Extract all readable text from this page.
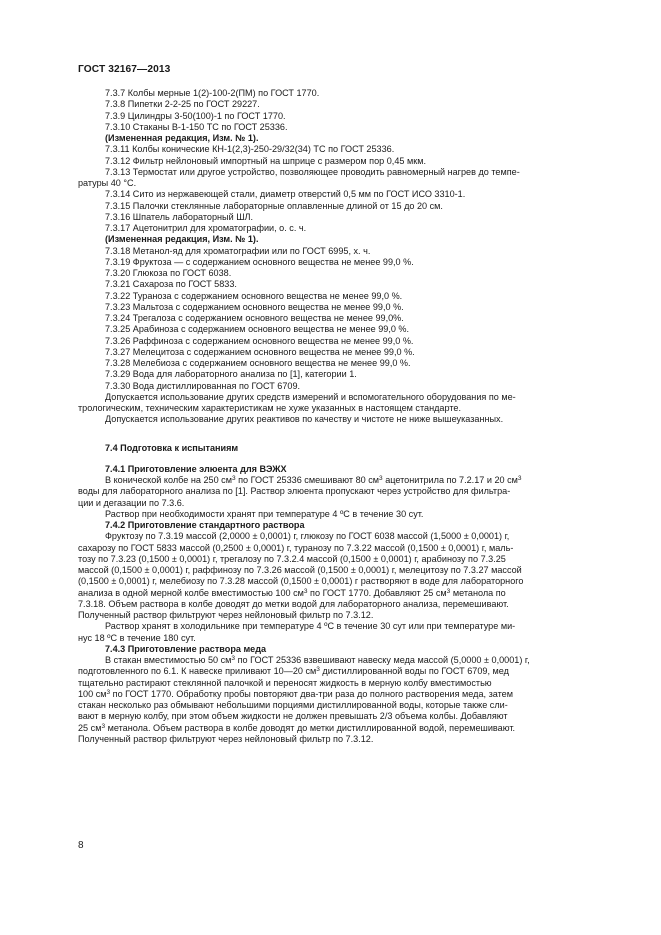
ГОСТ 32167—2013

7.3.7 Колбы мерные 1(2)-100-2(ПМ) по ГОСТ 1770.

7.3.8 Пипетки 2-2-25 по ГОСТ 29227.

7.3.9 Цилиндры 3-50(100)-1 по ГОСТ 1770.

7.3.10 Стаканы В-1-150 ТС по ГОСТ 25336.

(Измененная редакция, Изм. № 1).

7.3.11 Колбы конические КН-1(2,3)-250-29/32(34) ТС по ГОСТ 25336.

7.3.12 Фильтр нейлоновый импортный на шприце с размером пор 0,45 мкм.

7.3.13 Термостат или другое устройство, позволяющее проводить равномерный нагрев до темпе-

ратуры 40 °С.

7.3.14 Сито из нержавеющей стали, диаметр отверстий 0,5 мм по ГОСТ ИСО 3310-1.

7.3.15 Палочки стеклянные лабораторные оплавленные длиной от 15 до 20 см.

7.3.16 Шпатель лабораторный ШЛ.

7.3.17 Ацетонитрил для хроматографии, о. с. ч.

(Измененная редакция, Изм. № 1).

7.3.18 Метанол-яд для хроматографии или по ГОСТ 6995, х. ч.

7.3.19 Фруктоза — с содержанием основного вещества не менее 99,0 %.

7.3.20 Глюкоза по ГОСТ 6038.

7.3.21 Сахароза по ГОСТ 5833.

7.3.22 Тураноза с содержанием основного вещества не менее 99,0 %.

7.3.23 Мальтоза с содержанием основного вещества не менее 99,0 %.

7.3.24 Трегалоза с содержанием основного вещества не менее 99,0%.

7.3.25 Арабиноза с содержанием основного вещества не менее 99,0 %.

7.3.26 Раффиноза с содержанием основного вещества не менее 99,0 %.

7.3.27 Мелецитоза с содержанием основного вещества не менее 99,0 %.

7.3.28 Мелебиоза с содержанием основного вещества не менее 99,0 %.

7.3.29 Вода для лабораторного анализа по [1], категории 1.

7.3.30 Вода дистиллированная по ГОСТ 6709.

Допускается использование других средств измерений и вспомогательного оборудования по ме-

трологическим, техническим характеристикам не хуже указанных в настоящем стандарте.

Допускается использование других реактивов по качеству и чистоте не ниже вышеуказанных.

7.4 Подготовка к испытаниям

7.4.1 Приготовление элюента для ВЭЖХ

В конической колбе на 250 $см^3$ по ГОСТ 25336 смешивают 80 $см^3$ ацетонитрила по 7.2.17 и 20 $см^3$

воды для лабораторного анализа по [1]. Раствор элюента пропускают через устройство для фильтра-

ции и дегазации по 7.3.6.

Раствор при необходимости хранят при температуре 4 ºС в течение 30 сут.

7.4.2 Приготовление стандартного раствора

Фруктозу по 7.3.19 массой (2,0000 ± 0,0001) г, глюкозу по ГОСТ 6038 массой (1,5000 ± 0,0001) г,

сахарозу по ГОСТ 5833 массой (0,2500 ± 0,0001) г, туранозу по 7.3.22 массой (0,1500 ± 0,0001) г, маль-

тозу по 7.3.23 (0,1500 ± 0,0001) г, трегалозу по 7.3.2.4 массой (0,1500 ± 0,0001) г, арабинозу по 7.3.25

массой (0,1500 ± 0,0001) г, раффинозу по 7.3.26 массой (0,1500 ± 0,0001) г, мелецитозу по 7.3.27 массой

(0,1500 ± 0,0001) г, мелебиозу по 7.3.28 массой (0,1500 ± 0,0001) г растворяют в воде для лабораторного

анализа в одной мерной колбе вместимостью 100 $см^3$ по ГОСТ 1770. Добавляют 25 $см^3$ метанола по

7.3.18. Объем раствора в колбе доводят до метки водой для лабораторного анализа, перемешивают.

Полученный раствор фильтруют через нейлоновый фильтр по 7.3.12.

Раствор хранят в холодильнике при температуре 4 ºС в течение 30 сут или при температуре ми-

нус 18 ºС в течение 180 сут.

7.4.3 Приготовление раствора меда

В стакан вместимостью 50 $см^3$ по ГОСТ 25336 взвешивают навеску меда массой (5,0000 ± 0,0001) г,

подготовленного по 6.1. К навеске приливают 10—20 $см^3$ дистиллированной воды по ГОСТ 6709, мед

тщательно растирают стеклянной палочкой и переносят жидкость в мерную колбу вместимостью

100 $см^3$ по ГОСТ 1770. Обработку пробы повторяют два-три раза до полного растворения меда, затем

стакан несколько раз обмывают небольшими порциями дистиллированной воды, которые также сли-

вают в мерную колбу, при этом объем жидкости не должен превышать 2/3 объема колбы. Добавляют

25 $см^3$ метанола. Объем раствора в колбе доводят до метки дистиллированной водой, перемешивают.

Полученный раствор фильтруют через нейлоновый фильтр по 7.3.12.

8
